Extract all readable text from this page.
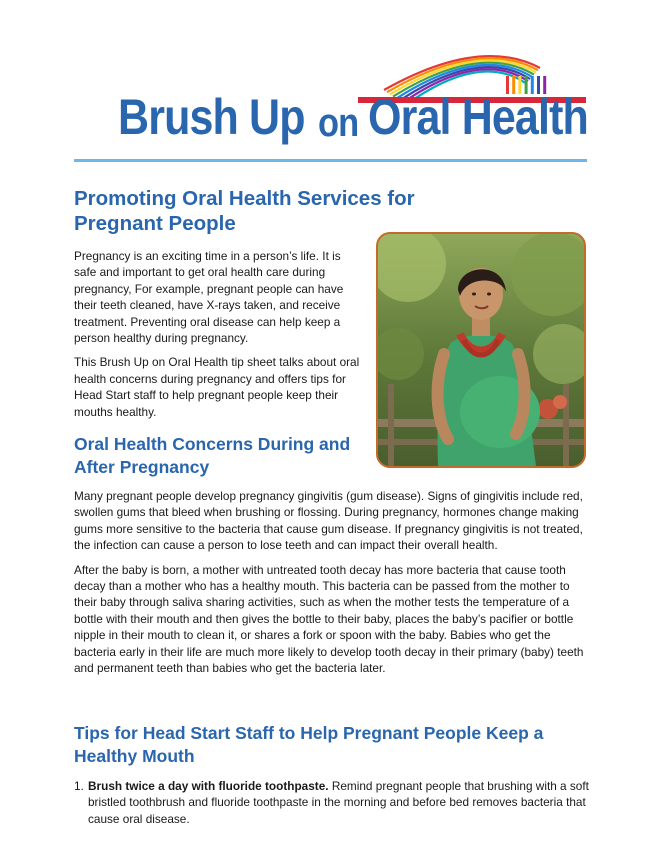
Brush Up on Oral Health
Promoting Oral Health Services for Pregnant People

Pregnancy is an exciting time in a person’s life. It is safe and important to get oral health care during pregnancy, For example, pregnant people can have their teeth cleaned, have X-rays taken, and receive treatment. Preventing oral disease can help keep a person healthy during pregnancy.

This Brush Up on Oral Health tip sheet talks about oral health concerns during pregnancy and offers tips for Head Start staff to help pregnant people keep their mouths healthy.

Oral Health Concerns During and After Pregnancy

Many pregnant people develop pregnancy gingivitis (gum disease). Signs of gingivitis include red, swollen gums that bleed when brushing or flossing. During pregnancy, hormones change making gums more sensitive to the bacteria that cause gum disease. If pregnancy gingivitis is not treated, the infection can cause a person to lose teeth and can impact their overall health.

After the baby is born, a mother with untreated tooth decay has more bacteria that cause tooth decay than a mother who has a healthy mouth. This bacteria can be passed from the mother to their baby through saliva sharing activities, such as when the mother tests the temperature of a bottle with their mouth and then gives the bottle to their baby, places the baby’s pacifier or bottle nipple in their mouth to clean it, or shares a fork or spoon with the baby. Babies who get the bacteria early in their life are much more likely to develop tooth decay in their primary (baby) teeth and permanent teeth than babies who get the bacteria later.

Tips for Head Start Staff to Help Pregnant People Keep a Healthy Mouth
1. Brush twice a day with fluoride toothpaste. Remind pregnant people that brushing with a soft bristled toothbrush and fluoride toothpaste in the morning and before bed removes bacteria that cause oral disease.
